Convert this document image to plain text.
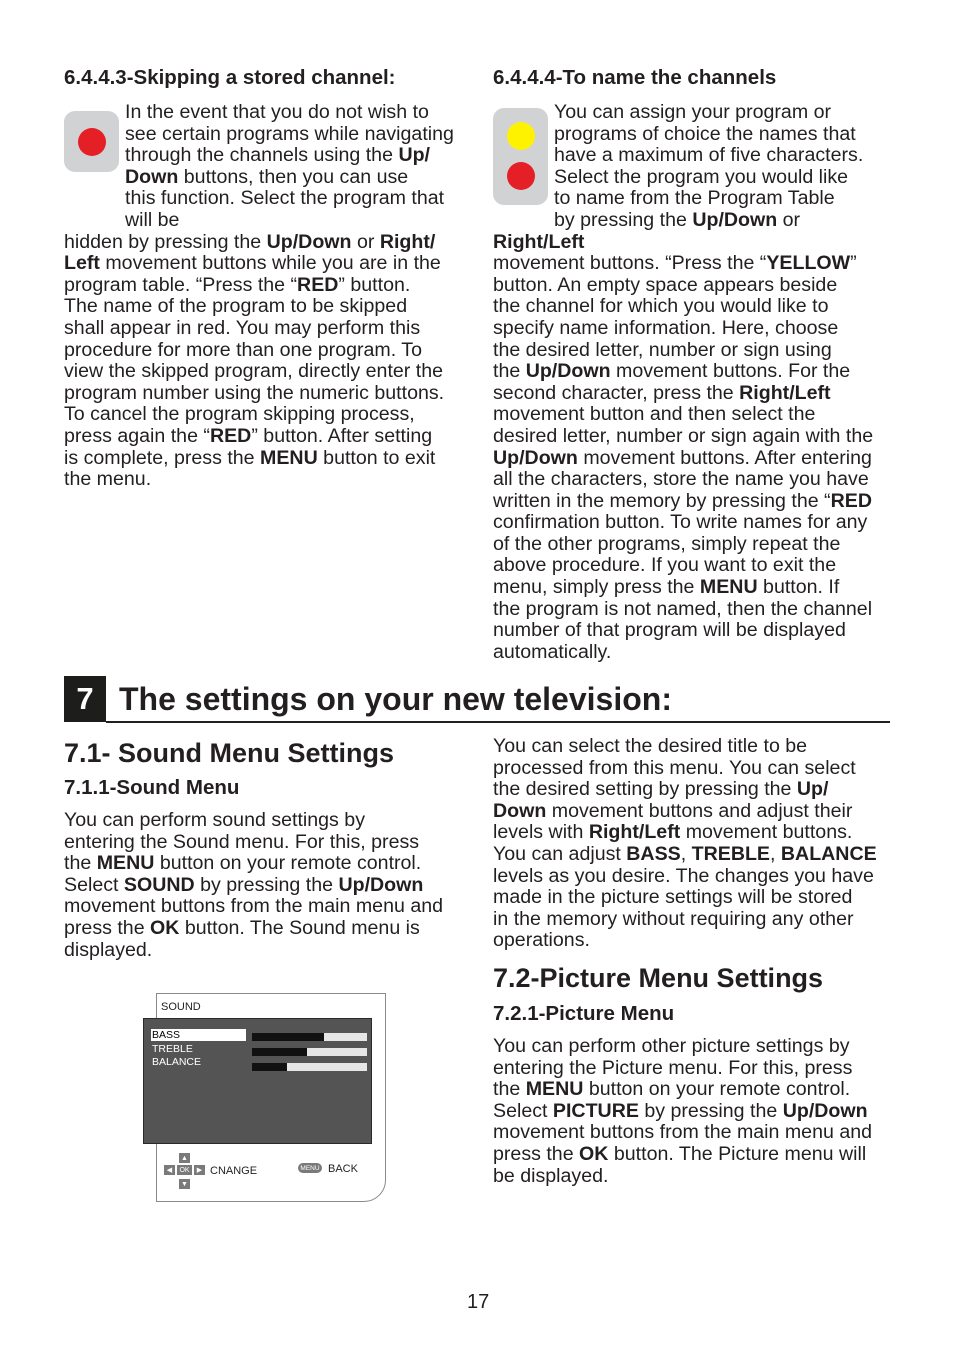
6.4.4.3-Skipping a stored channel:

In the event that you do not wish to
see certain programs while navigating
through the channels using the Up/
Down buttons, then you can use
this function. Select the program that will be
hidden by pressing the Up/Down or Right/
Left movement buttons while you are in the
program table. “Press the “RED” button.
The name of the program to be skipped
shall appear in red. You may perform this
procedure for more than one program. To
view the skipped program, directly enter the
program number using the numeric buttons.
To cancel the program skipping process,
press again the “RED” button. After setting
is complete, press the MENU button to exit
the menu.

6.4.4.4-To name the channels

You can assign your program or
programs of choice the names that
have a maximum of five characters.
Select the program you would like
to name from the Program Table
by pressing the Up/Down or Right/Left
movement buttons. “Press the “YELLOW”
button. An empty space appears beside
the channel for which you would like to
specify name information. Here, choose
the desired letter, number or sign using
the Up/Down movement buttons. For the
second character, press the Right/Left
movement button and then select the
desired letter, number or sign again with the
Up/Down movement buttons. After entering
all the characters, store the name you have
written in the memory by pressing the “RED
confirmation button. To write names for any
of the other programs, simply repeat the
above procedure. If you want to exit the
menu, simply press the MENU button. If
the program is not named, then the channel
number of that program will be displayed
automatically.

7 The settings on your new television:
7.1- Sound Menu Settings
7.1.1-Sound Menu

You can perform sound settings by
entering the Sound menu. For this, press
the MENU button on your remote control.
Select SOUND by pressing the Up/Down
movement buttons from the main menu and
press the OK button. The Sound menu is
displayed.

You can select the desired title to be
processed from this menu. You can select
the desired setting by pressing the Up/
Down movement buttons and adjust their
levels with Right/Left movement buttons.
You can adjust BASS, TREBLE, BALANCE
levels as you desire. The changes you have
made in the picture settings will be stored
in the memory without requiring any other
operations.

SOUND
BASS
TREBLE
BALANCE
▲
▼
◀	▶
OK CNANGE	MENU BACK
7.2-Picture Menu Settings
7.2.1-Picture Menu

You can perform other picture settings by
entering the Picture menu. For this, press
the MENU button on your remote control.
Select PICTURE by pressing the Up/Down
movement buttons from the main menu and
press the OK button. The Picture menu will
be displayed.

17
